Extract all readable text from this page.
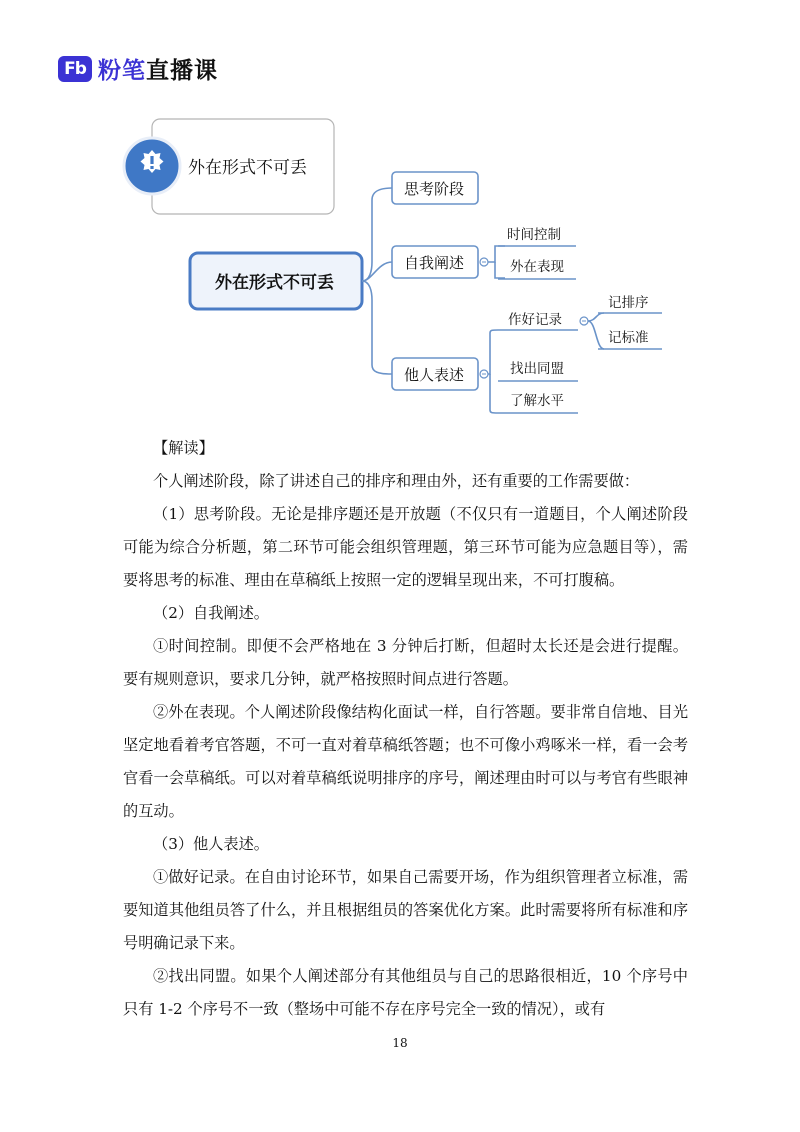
Fb 粉笔直播课
外在形式不可丢
外在形式不可丢
思考阶段
自我阐述
他人表述
时间控制
外在表现
作好记录
记排序
记标准
找出同盟
了解水平

【解读】

个人阐述阶段，除了讲述自己的排序和理由外，还有重要的工作需要做：

（1）思考阶段。无论是排序题还是开放题（不仅只有一道题目，个人阐述阶段可能为综合分析题，第二环节可能会组织管理题，第三环节可能为应急题目等），需要将思考的标准、理由在草稿纸上按照一定的逻辑呈现出来，不可打腹稿。

（2）自我阐述。

①时间控制。即便不会严格地在 3 分钟后打断，但超时太长还是会进行提醒。要有规则意识，要求几分钟，就严格按照时间点进行答题。

②外在表现。个人阐述阶段像结构化面试一样，自行答题。要非常自信地、目光坚定地看着考官答题，不可一直对着草稿纸答题；也不可像小鸡啄米一样，看一会考官看一会草稿纸。可以对着草稿纸说明排序的序号，阐述理由时可以与考官有些眼神的互动。

（3）他人表述。

①做好记录。在自由讨论环节，如果自己需要开场，作为组织管理者立标准，需要知道其他组员答了什么，并且根据组员的答案优化方案。此时需要将所有标准和序号明确记录下来。

②找出同盟。如果个人阐述部分有其他组员与自己的思路很相近，10 个序号中只有 1-2 个序号不一致（整场中可能不存在序号完全一致的情况），或有

18
